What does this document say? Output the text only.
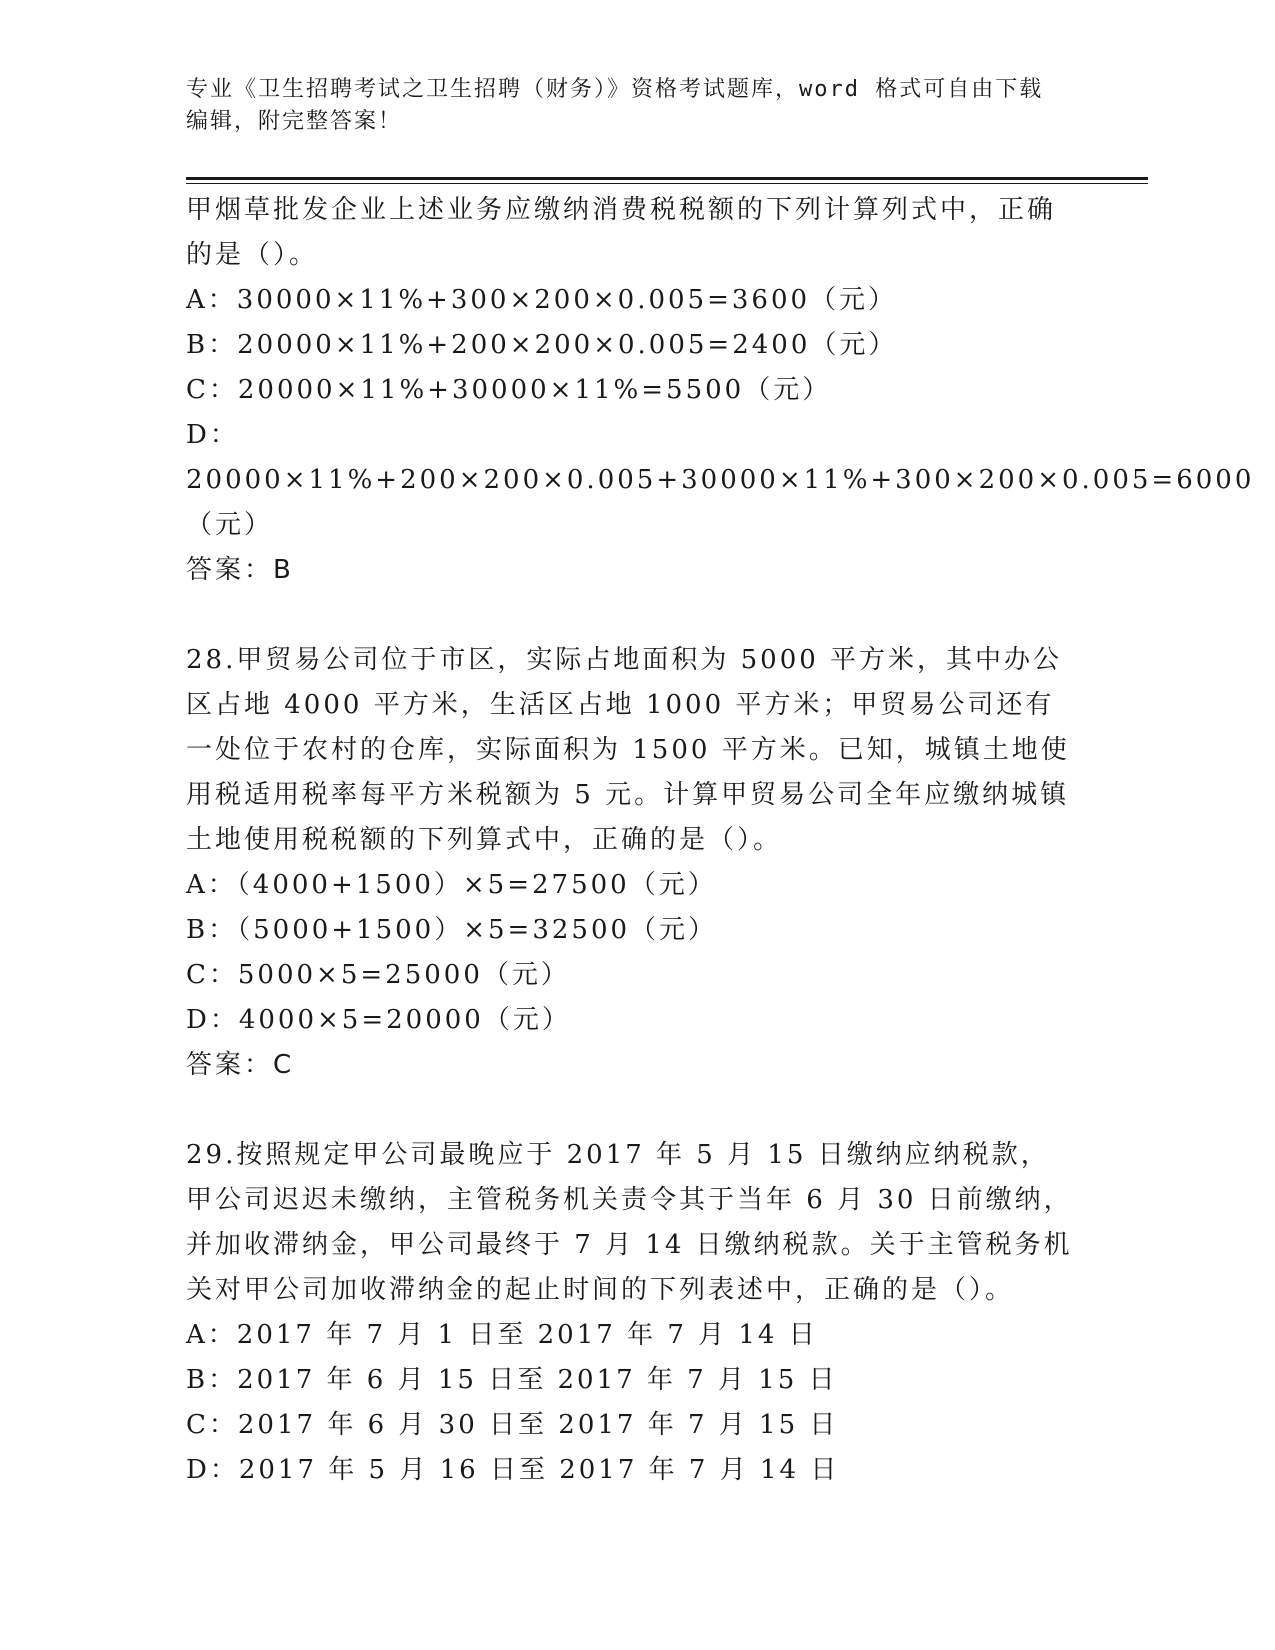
专业《卫生招聘考试之卫生招聘（财务）》资格考试题库，word 格式可自由下载
编辑，附完整答案！

甲烟草批发企业上述业务应缴纳消费税税额的下列计算列式中，正确的是（）。

A：30000×11%+300×200×0.005=3600（元）

B：20000×11%+200×200×0.005=2400（元）

C：20000×11%+30000×11%=5500（元）

D：20000×11%+200×200×0.005+30000×11%+300×200×0.005=6000（元）

答案：B

28.甲贸易公司位于市区，实际占地面积为 5000 平方米，其中办公区占地 4000 平方米，生活区占地 1000 平方米；甲贸易公司还有一处位于农村的仓库，实际面积为 1500 平方米。已知，城镇土地使用税适用税率每平方米税额为 5 元。计算甲贸易公司全年应缴纳城镇土地使用税税额的下列算式中，正确的是（）。

A：（4000+1500）×5=27500（元）

B：（5000+1500）×5=32500（元）

C：5000×5=25000（元）

D：4000×5=20000（元）

答案：C

29.按照规定甲公司最晚应于 2017 年 5 月 15 日缴纳应纳税款，甲公司迟迟未缴纳，主管税务机关责令其于当年 6 月 30 日前缴纳，并加收滞纳金，甲公司最终于 7 月 14 日缴纳税款。关于主管税务机关对甲公司加收滞纳金的起止时间的下列表述中，正确的是（）。

A：2017 年 7 月 1 日至 2017 年 7 月 14 日

B：2017 年 6 月 15 日至 2017 年 7 月 15 日

C：2017 年 6 月 30 日至 2017 年 7 月 15 日

D：2017 年 5 月 16 日至 2017 年 7 月 14 日
